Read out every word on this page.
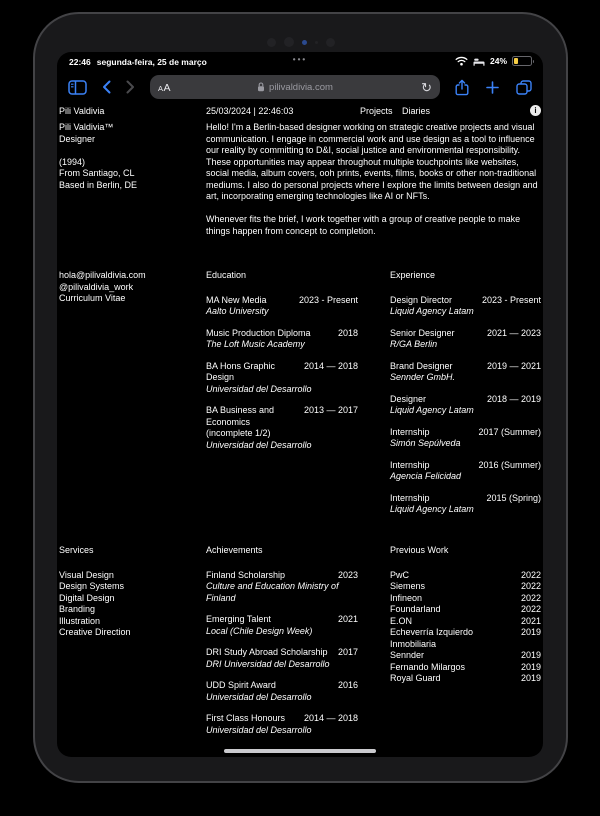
22:46 segunda-feira, 25 de março	•••	24%
AA	pilivaldivia.com	↻
Pili Valdivia	25/03/2024 | 22:46:03	Projects Diaries	i
Pili Valdivia™
Designer
(1994)
From Santiago, CL
Based in Berlin, DE

Hello! I'm a Berlin-based designer working on strategic creative projects and visual communication. I engage in commercial work and use design as a tool to influence our reality by committing to D&I, social justice and environmental responsibility. These opportunities may appear throughout multiple touchpoints like websites, social media, album covers, ooh prints, events, films, books or other non-traditional mediums. I also do personal projects where I explore the limits between design and art, incorporating emerging technologies like AI or NFTs.

Whenever fits the brief, I work together with a group of creative people to make things happen from concept to completion.

hola@pilivaldivia.com
@pilivaldivia_work
Curriculum Vitae

Education

MA New Media	2023 - Present
Aalto University
Music Production Diploma	2018
The Loft Music Academy
BA Hons Graphic Design
2014 — 2018
Universidad del Desarrollo
BA Business and Economics (incomplete 1/2)
2013 — 2017
Universidad del Desarrollo

Experience

Design Director	2023 - Present
Liquid Agency Latam
Senior Designer	2021 — 2023
R/GA Berlin
Brand Designer	2019 — 2021
Sennder GmbH.
Designer	2018 — 2019
Liquid Agency Latam
Internship	2017 (Summer)
Simón Sepúlveda
Internship	2016 (Summer)
Agencia Felicidad
Internship	2015 (Spring)
Liquid Agency Latam

Services

Visual Design
Design Systems
Digital Design
Branding
Illustration
Creative Direction

Achievements

Finland Scholarship	2023
Culture and Education Ministry of Finland
Emerging Talent	2021
Local (Chile Design Week)
DRI Study Abroad Scholarship	2017
DRI Universidad del Desarrollo
UDD Spirit Award	2016
Universidad del Desarrollo
First Class Honours	2014 — 2018
Universidad del Desarrollo

Previous Work

PwC	2022
Siemens	2022
Infineon	2022
Foundarland	2022
E.ON	2021
Echeverría Izquierdo Inmobiliaria
2019
Sennder	2019
Fernando Milargos	2019
Royal Guard	2019
